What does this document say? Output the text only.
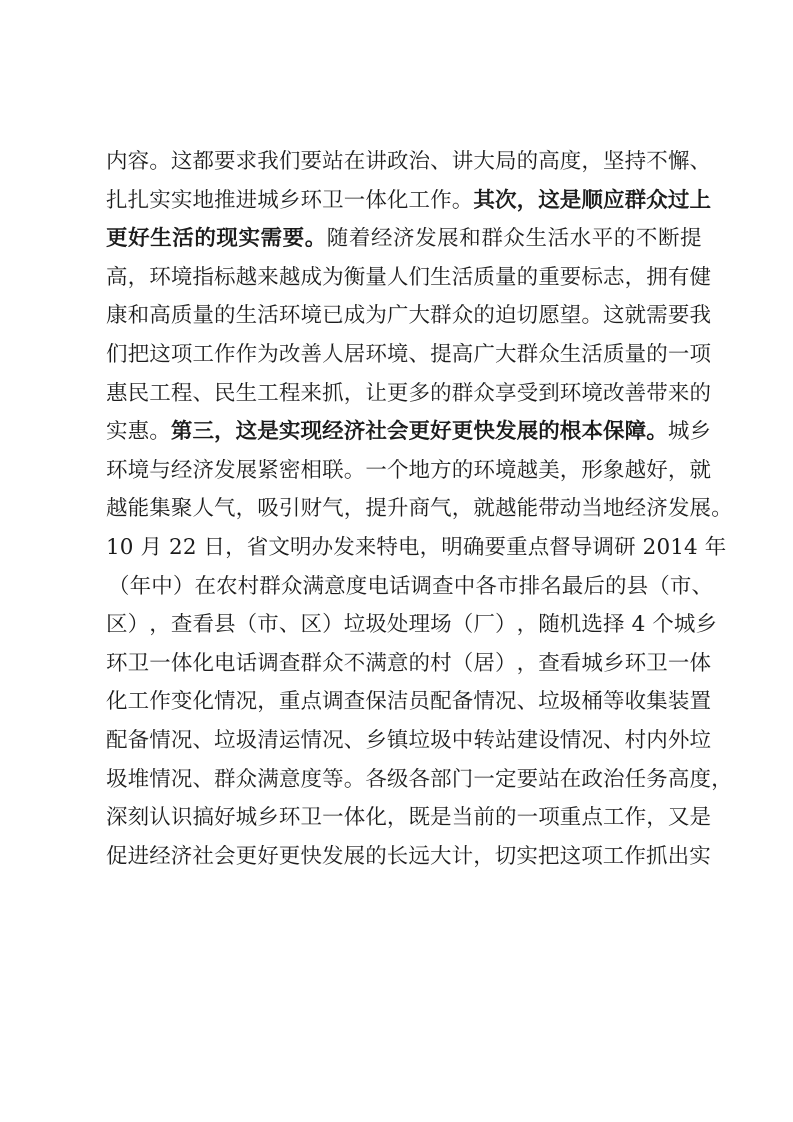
内 容 。 这 都 要 求 我 们 要 站 在 讲 政 治 、 讲 大 局 的 高 度 ， 坚 持 不 懈 、
扎 扎 实 实 地 推 进 城 乡 环 卫 一 体 化 工 作 。 其 次 ， 这 是 顺 应 群 众 过 上
更 好 生 活 的 现 实 需 要 。 随 着 经 济 发 展 和 群 众 生 活 水 平 的 不 断 提
高 ， 环 境 指 标 越 来 越 成 为 衡 量 人 们 生 活 质 量 的 重 要 标 志 ， 拥 有 健
康 和 高 质 量 的 生 活 环 境 已 成 为 广 大 群 众 的 迫 切 愿 望 。 这 就 需 要 我
们 把 这 项 工 作 作 为 改 善 人 居 环 境 、 提 高 广 大 群 众 生 活 质 量 的 一 项
惠 民 工 程 、 民 生 工 程 来 抓 ， 让 更 多 的 群 众 享 受 到 环 境 改 善 带 来 的
实 惠 。 第 三 ， 这 是 实 现 经 济 社 会 更 好 更 快 发 展 的 根 本 保 障 。 城 乡
环 境 与 经 济 发 展 紧 密 相 联 。 一 个 地 方 的 环 境 越 美 ， 形 象 越 好 ， 就
越 能 集 聚 人 气 ， 吸 引 财 气 ， 提 升 商 气 ， 就 越 能 带 动 当 地 经 济 发 展 。
1 0
月
2 2
日 ， 省 文 明 办 发 来 特 电 ， 明 确 要 重 点 督 导 调 研
2 0 1 4
年
（ 年 中 ） 在 农 村 群 众 满 意 度 电 话 调 查 中 各 市 排 名 最 后 的 县 （ 市 、
区 ） ， 查 看 县 （ 市 、 区 ） 垃 圾 处 理 场 （ 厂 ） ， 随 机 选 择
4
个 城 乡
环 卫 一 体 化 电 话 调 查 群 众 不 满 意 的 村 （ 居 ） ， 查 看 城 乡 环 卫 一 体
化 工 作 变 化 情 况 ， 重 点 调 查 保 洁 员 配 备 情 况 、 垃 圾 桶 等 收 集 装 置
配 备 情 况 、 垃 圾 清 运 情 况 、 乡 镇 垃 圾 中 转 站 建 设 情 况 、 村 内 外 垃
圾 堆 情 况 、 群 众 满 意 度 等 。 各 级 各 部 门 一 定 要 站 在 政 治 任 务 高 度 ，
深 刻 认 识 搞 好 城 乡 环 卫 一 体 化 ， 既 是 当 前 的 一 项 重 点 工 作 ， 又 是
促进经济社会更好更快发展的长远大计，切实把这项工作抓出实
